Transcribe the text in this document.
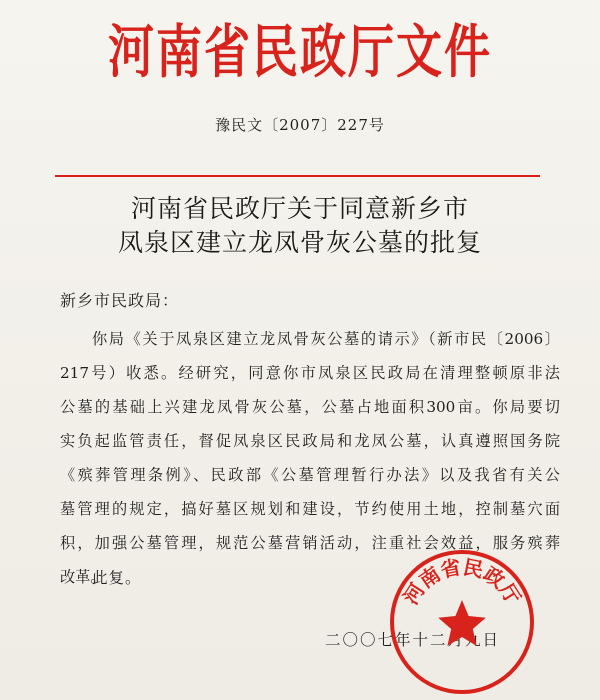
河南省民政厅文件
豫民文〔2007〕227号
河南省民政厅关于同意新乡市
凤泉区建立龙凤骨灰公墓的批复
新乡市民政局：
你局《关于凤泉区建立龙凤骨灰公墓的请示》（新市民〔2006〕
217号）收悉。经研究，同意你市凤泉区民政局在清理整顿原非法
公墓的基础上兴建龙凤骨灰公墓，公墓占地面积300亩。你局要切
实负起监管责任，督促凤泉区民政局和龙凤公墓，认真遵照国务院
《殡葬管理条例》、民政部《公墓管理暂行办法》以及我省有关公
墓管理的规定，搞好墓区规划和建设，节约使用土地，控制墓穴面
积，加强公墓管理，规范公墓营销活动，注重社会效益，服务殡葬
改革。
此复。
二〇〇七年十二月九日
河南省民政厅
